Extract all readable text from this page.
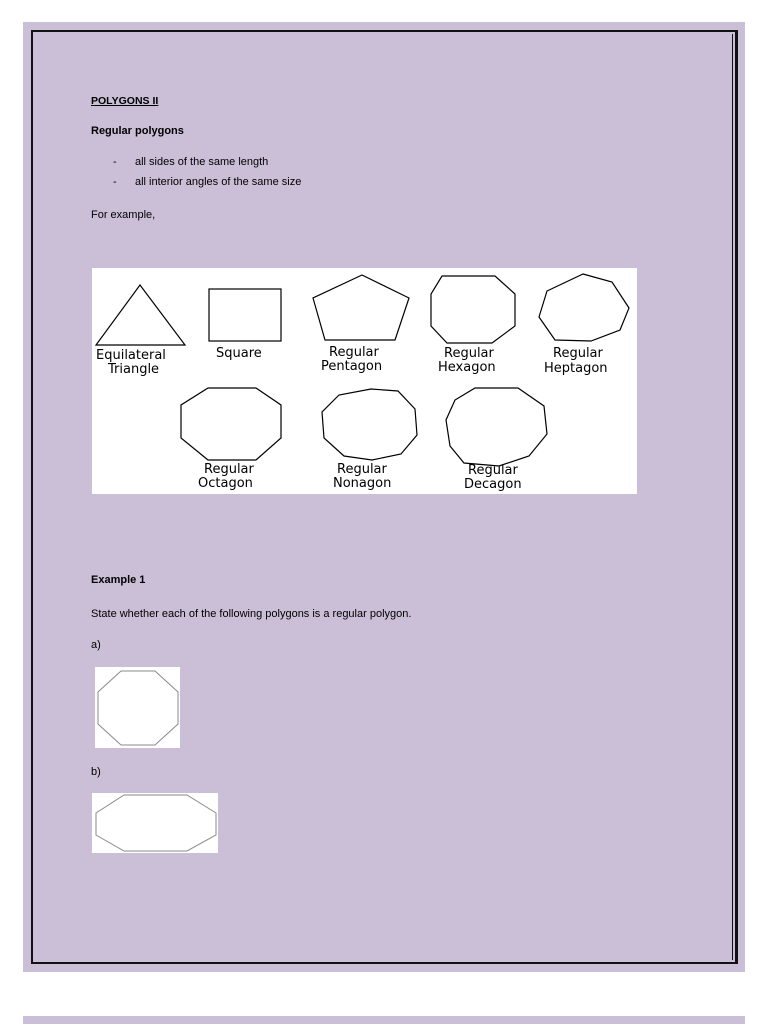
POLYGONS II
Regular polygons
- all sides of the same length
- all interior angles of the same size
For example,
Equilateral
Triangle
Square	Regular
Pentagon
Regular
Hexagon
Regular
Heptagon
Regular
Octagon
Regular
Nonagon
Regular
Decagon
Example 1
State whether each of the following polygons is a regular polygon.
a)
b)
